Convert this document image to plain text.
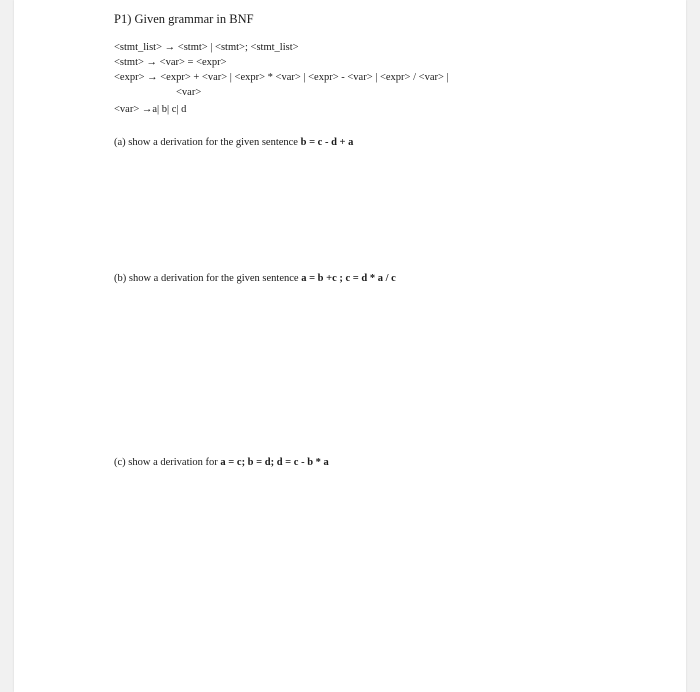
P1) Given grammar in BNF
<stmt_list> → <stmt> | <stmt>; <stmt_list>
<stmt> → <var> = <expr>
<expr> → <expr> + <var> | <expr> * <var> | <expr> - <var> | <expr> / <var> |
<var>
<var> →a| b| c| d
(a) show a derivation for the given sentence b = c - d + a
(b) show a derivation for the given sentence a = b +c ; c = d * a / c
(c) show a derivation for a = c; b = d; d = c - b * a
